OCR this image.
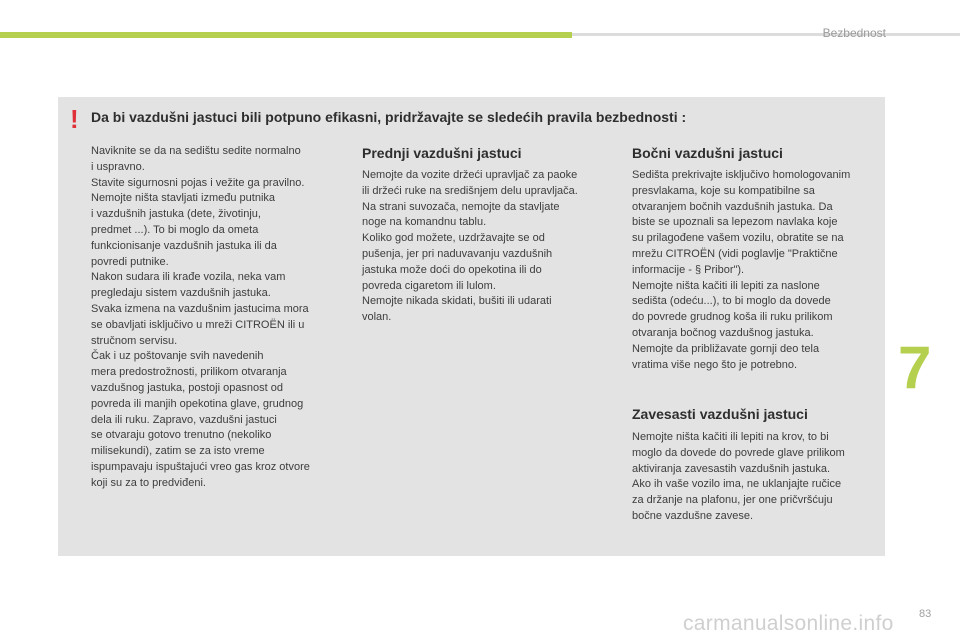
Bezbednost
7
! Da bi vazdušni jastuci bili potpuno efikasni, pridržavajte se sledećih pravila bezbednosti :

Naviknite se da na sedištu sedite normalno

i uspravno.

Stavite sigurnosni pojas i vežite ga pravilno.

Nemojte ništa stavljati između putnika

i vazdušnih jastuka (dete, životinju,

predmet ...). To bi moglo da ometa

funkcionisanje vazdušnih jastuka ili da

povredi putnike.

Nakon sudara ili krađe vozila, neka vam

pregledaju sistem vazdušnih jastuka.

Svaka izmena na vazdušnim jastucima mora

se obavljati isključivo u mreži CITROËN ili u

stručnom servisu.

Čak i uz poštovanje svih navedenih

mera predostrožnosti, prilikom otvaranja

vazdušnog jastuka, postoji opasnost od

povreda ili manjih opekotina glave, grudnog

dela ili ruku. Zapravo, vazdušni jastuci

se otvaraju gotovo trenutno (nekoliko

milisekundi), zatim se za isto vreme

ispumpavaju ispuštajući vreo gas kroz otvore

koji su za to predviđeni.

Prednji vazdušni jastuci

Nemojte da vozite držeći upravljač za paoke

ili držeći ruke na središnjem delu upravljača.

Na strani suvozača, nemojte da stavljate

noge na komandnu tablu.

Koliko god možete, uzdržavajte se od

pušenja, jer pri naduvavanju vazdušnih

jastuka može doći do opekotina ili do

povreda cigaretom ili lulom.

Nemojte nikada skidati, bušiti ili udarati

volan.

Bočni vazdušni jastuci

Sedišta prekrivajte isključivo homologovanim

presvlakama, koje su kompatibilne sa

otvaranjem bočnih vazdušnih jastuka. Da

biste se upoznali sa lepezom navlaka koje

su prilagođene vašem vozilu, obratite se na

mrežu CITROËN (vidi poglavlje "Praktične

informacije - § Pribor").

Nemojte ništa kačiti ili lepiti za naslone

sedišta (odeću...), to bi moglo da dovede

do povrede grudnog koša ili ruku prilikom

otvaranja bočnog vazdušnog jastuka.

Nemojte da približavate gornji deo tela

vratima više nego što je potrebno.

Zavesasti vazdušni jastuci

Nemojte ništa kačiti ili lepiti na krov, to bi

moglo da dovede do povrede glave prilikom

aktiviranja zavesastih vazdušnih jastuka.

Ako ih vaše vozilo ima, ne uklanjajte ručice

za držanje na plafonu, jer one pričvršćuju

bočne vazdušne zavese.

carmanualsonline.info 83
